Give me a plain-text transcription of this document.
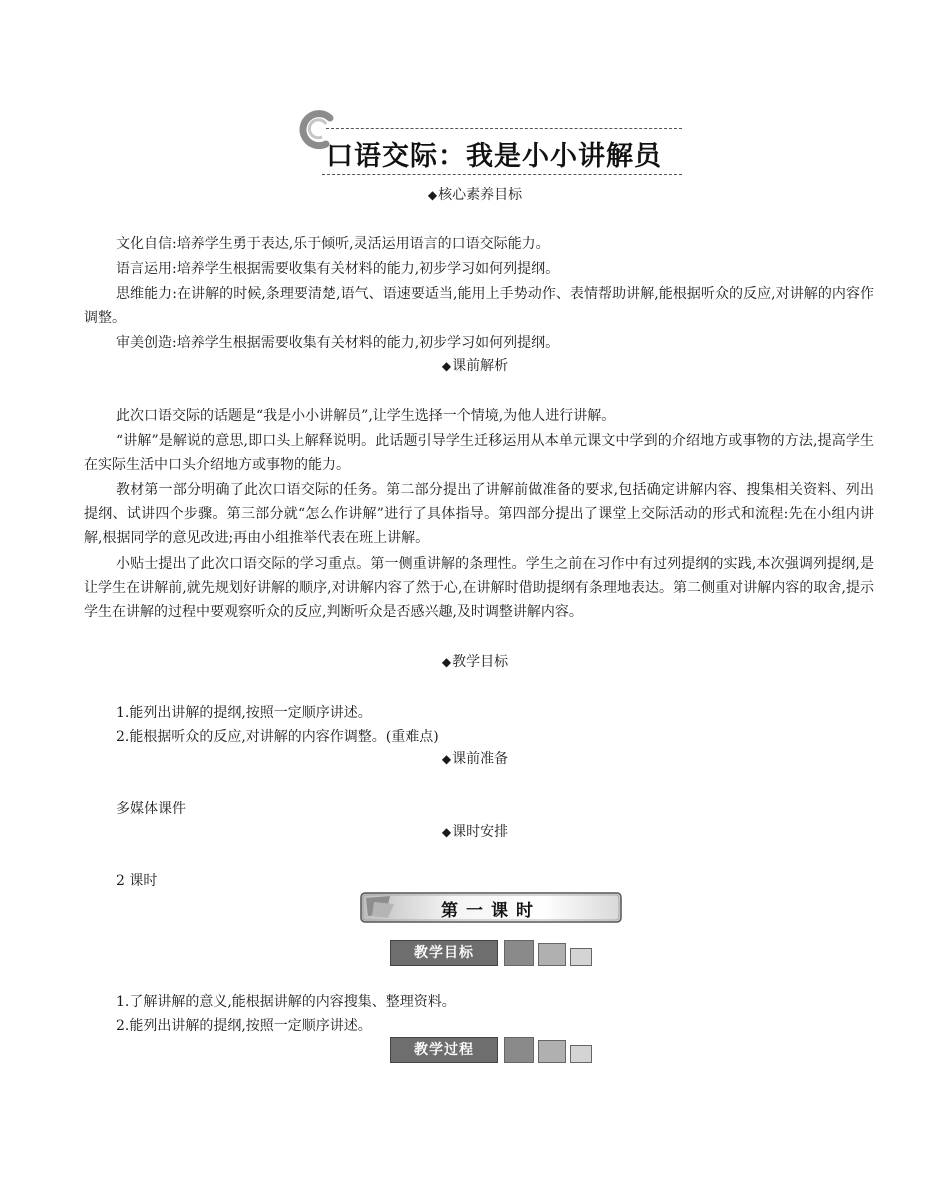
口语交际：我是小小讲解员
◆核心素养目标
文化自信:培养学生勇于表达,乐于倾听,灵活运用语言的口语交际能力。
语言运用:培养学生根据需要收集有关材料的能力,初步学习如何列提纲。
思维能力:在讲解的时候,条理要清楚,语气、语速要适当,能用上手势动作、表情帮助讲解,能根据听众的反应,对讲解的内容作调整。
审美创造:培养学生根据需要收集有关材料的能力,初步学习如何列提纲。
◆课前解析
此次口语交际的话题是“我是小小讲解员”,让学生选择一个情境,为他人进行讲解。
“讲解”是解说的意思,即口头上解释说明。此话题引导学生迁移运用从本单元课文中学到的介绍地方或事物的方法,提高学生在实际生活中口头介绍地方或事物的能力。
教材第一部分明确了此次口语交际的任务。第二部分提出了讲解前做准备的要求,包括确定讲解内容、搜集相关资料、列出提纲、试讲四个步骤。第三部分就“怎么作讲解”进行了具体指导。第四部分提出了课堂上交际活动的形式和流程:先在小组内讲解,根据同学的意见改进;再由小组推举代表在班上讲解。
小贴士提出了此次口语交际的学习重点。第一侧重讲解的条理性。学生之前在习作中有过列提纲的实践,本次强调列提纲,是让学生在讲解前,就先规划好讲解的顺序,对讲解内容了然于心,在讲解时借助提纲有条理地表达。第二侧重对讲解内容的取舍,提示学生在讲解的过程中要观察听众的反应,判断听众是否感兴趣,及时调整讲解内容。
◆教学目标
1.能列出讲解的提纲,按照一定顺序讲述。
2.能根据听众的反应,对讲解的内容作调整。(重难点)
◆课前准备
多媒体课件
◆课时安排
2 课时
第一课时
教学目标
1.了解讲解的意义,能根据讲解的内容搜集、整理资料。
2.能列出讲解的提纲,按照一定顺序讲述。
教学过程
